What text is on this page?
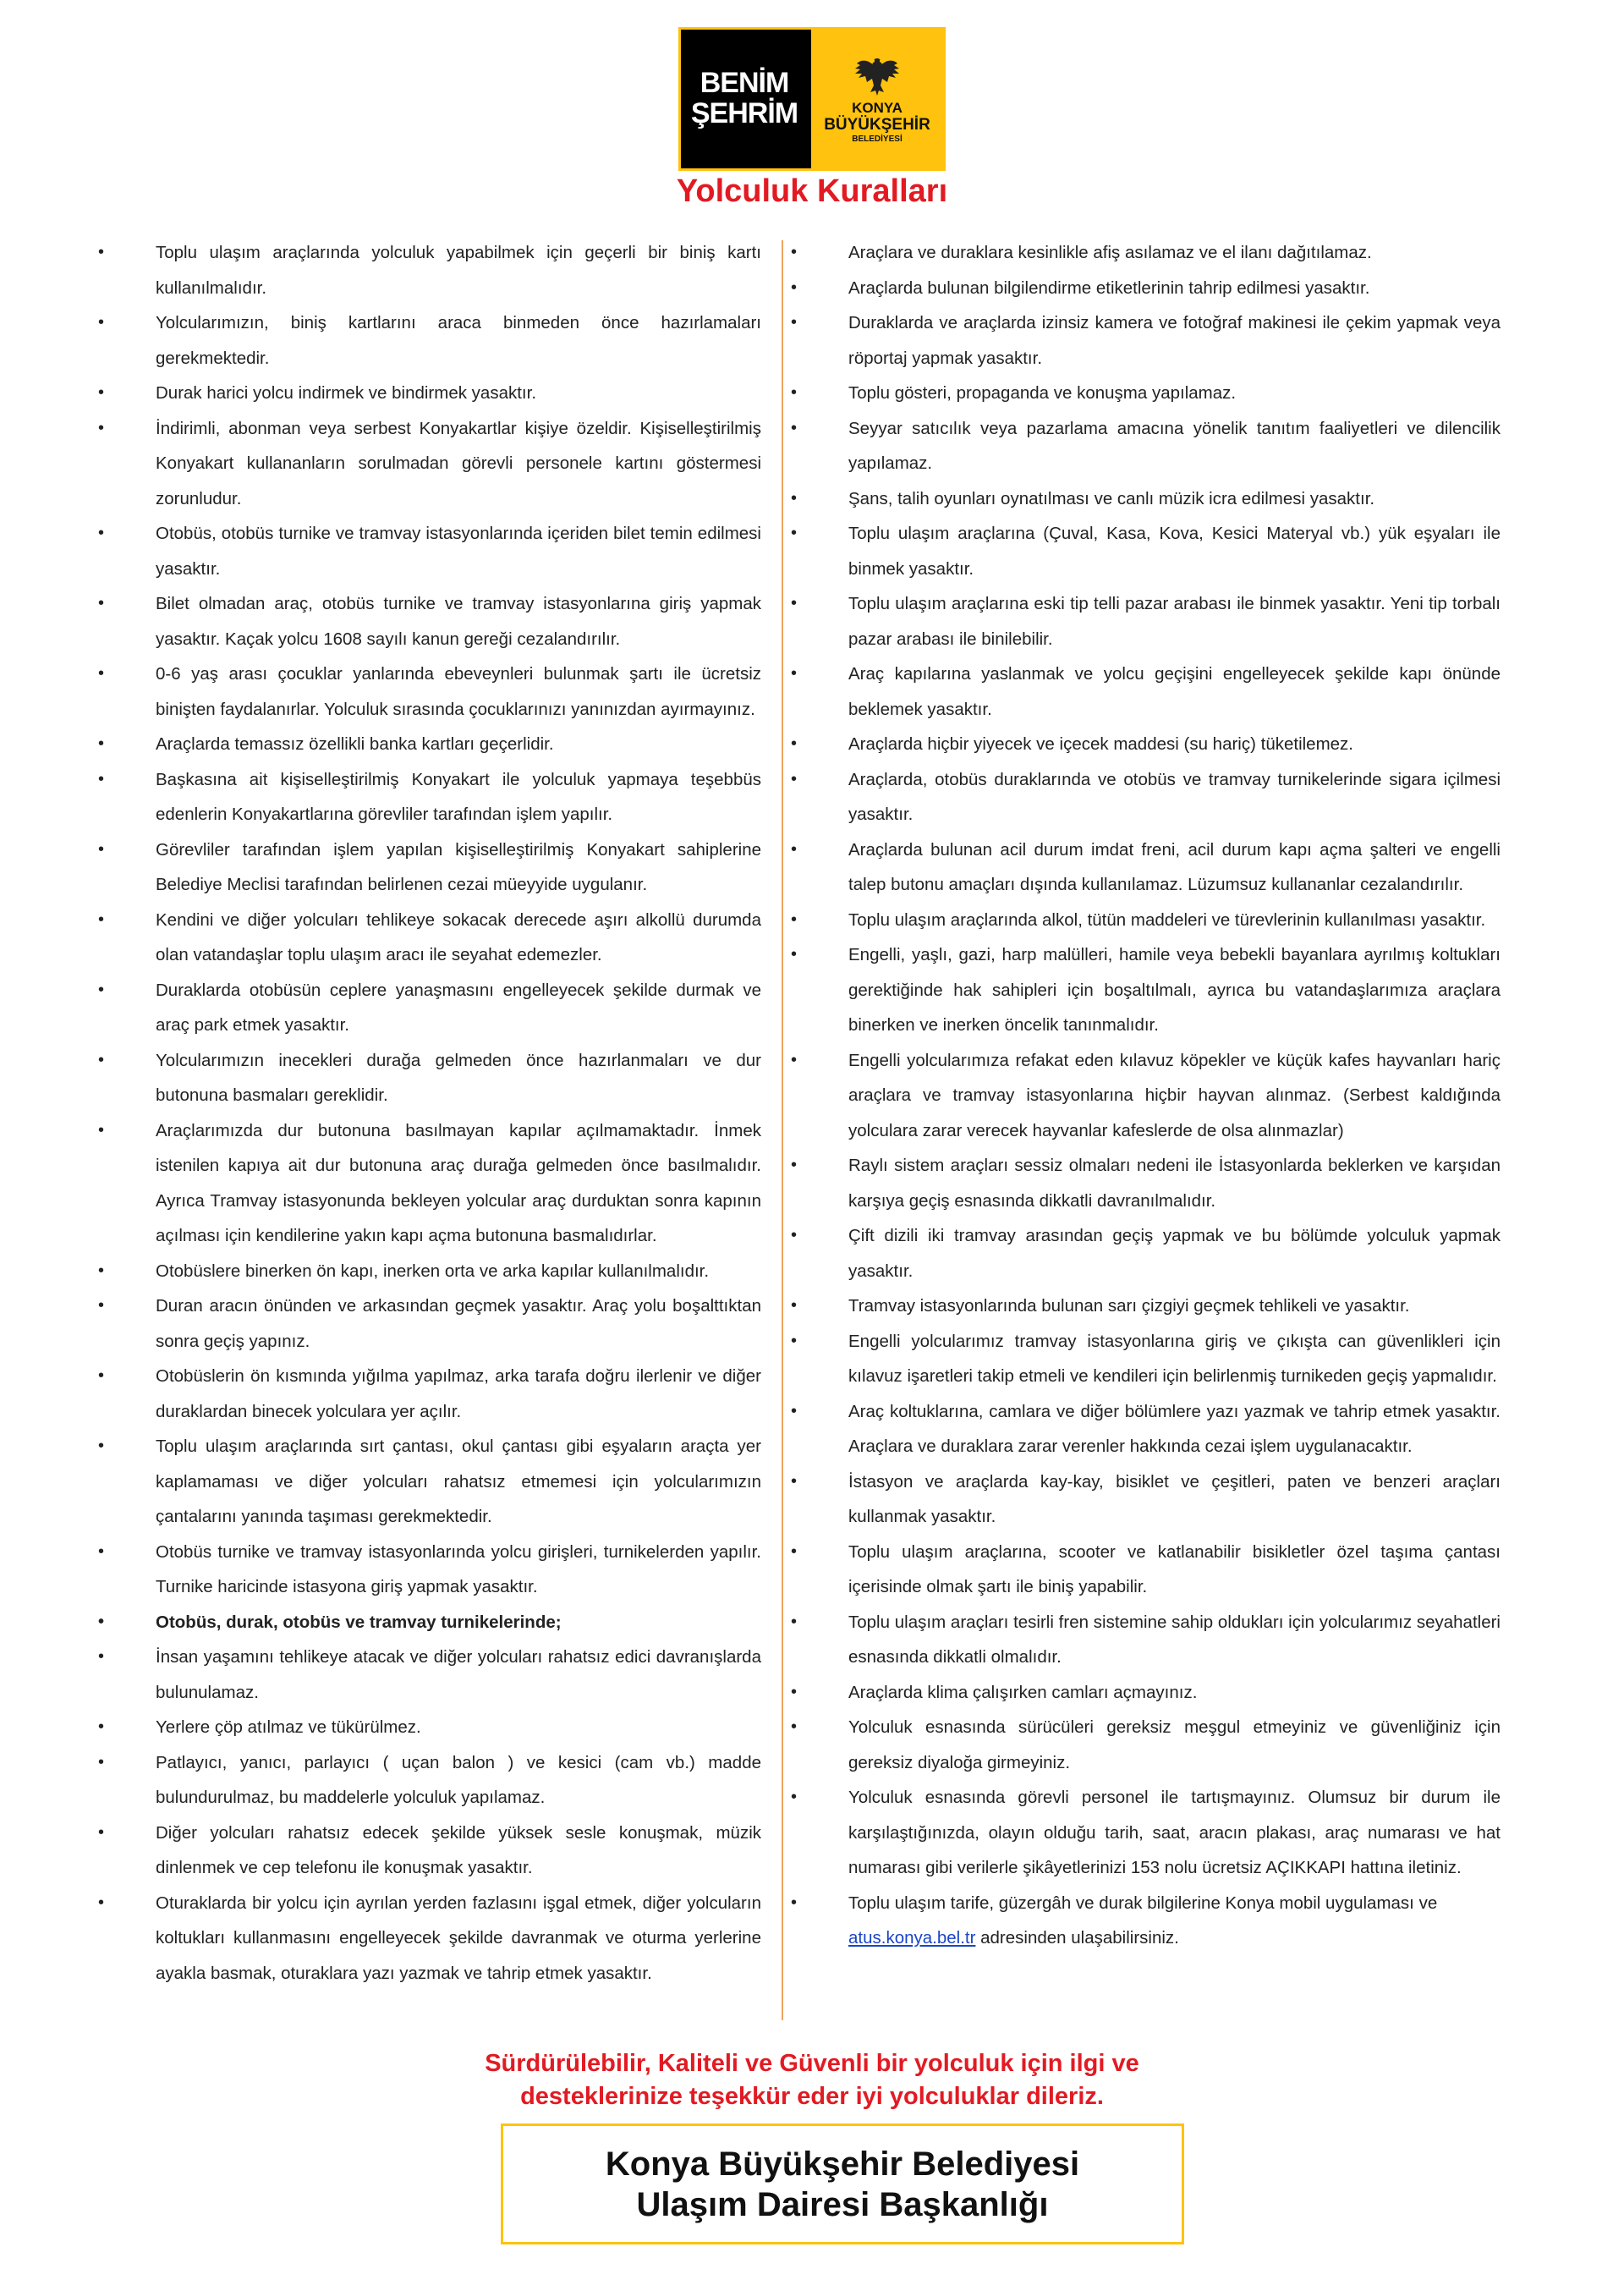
BENİM
ŞEHRİM	KONYA
BÜYÜKŞEHİR
BELEDİYESİ
Yolculuk Kuralları
• Toplu ulaşım araçlarında yolculuk yapabilmek için geçerli bir biniş kartı kullanılmalıdır.
• Yolcularımızın, biniş kartlarını araca binmeden önce hazırlamaları gerekmektedir.
• Durak harici yolcu indirmek ve bindirmek yasaktır.
• İndirimli, abonman veya serbest Konyakartlar kişiye özeldir. Kişiselleştirilmiş Konyakart kullananların sorulmadan görevli personele kartını göstermesi zorunludur.
• Otobüs, otobüs turnike ve tramvay istasyonlarında içeriden bilet temin edilmesi yasaktır.
• Bilet olmadan araç, otobüs turnike ve tramvay istasyonlarına giriş yapmak yasaktır. Kaçak yolcu 1608 sayılı kanun gereği cezalandırılır.
• 0-6 yaş arası çocuklar yanlarında ebeveynleri bulunmak şartı ile ücretsiz binişten faydalanırlar. Yolculuk sırasında çocuklarınızı yanınızdan ayırmayınız.
• Araçlarda temassız özellikli banka kartları geçerlidir.
• Başkasına ait kişiselleştirilmiş Konyakart ile yolculuk yapmaya teşebbüs edenlerin Konyakartlarına görevliler tarafından işlem yapılır.
• Görevliler tarafından işlem yapılan kişiselleştirilmiş Konyakart sahiplerine Belediye Meclisi tarafından belirlenen cezai müeyyide uygulanır.
• Kendini ve diğer yolcuları tehlikeye sokacak derecede aşırı alkollü durumda olan vatandaşlar toplu ulaşım aracı ile seyahat edemezler.
• Duraklarda otobüsün ceplere yanaşmasını engelleyecek şekilde durmak ve araç park etmek yasaktır.
• Yolcularımızın inecekleri durağa gelmeden önce hazırlanmaları ve dur butonuna basmaları gereklidir.
• Araçlarımızda dur butonuna basılmayan kapılar açılmamaktadır. İnmek istenilen kapıya ait dur butonuna araç durağa gelmeden önce basılmalıdır. Ayrıca Tramvay istasyonunda bekleyen yolcular araç durduktan sonra kapının açılması için kendilerine yakın kapı açma butonuna basmalıdırlar.
• Otobüslere binerken ön kapı, inerken orta ve arka kapılar kullanılmalıdır.
• Duran aracın önünden ve arkasından geçmek yasaktır. Araç yolu boşalttıktan sonra geçiş yapınız.
• Otobüslerin ön kısmında yığılma yapılmaz, arka tarafa doğru ilerlenir ve diğer duraklardan binecek yolculara yer açılır.
• Toplu ulaşım araçlarında sırt çantası, okul çantası gibi eşyaların araçta yer kaplamaması ve diğer yolcuları rahatsız etmemesi için yolcularımızın çantalarını yanında taşıması gerekmektedir.
• Otobüs turnike ve tramvay istasyonlarında yolcu girişleri, turnikelerden yapılır. Turnike haricinde istasyona giriş yapmak yasaktır.
• Otobüs, durak, otobüs ve tramvay turnikelerinde;
• İnsan yaşamını tehlikeye atacak ve diğer yolcuları rahatsız edici davranışlarda bulunulamaz.
• Yerlere çöp atılmaz ve tükürülmez.
• Patlayıcı, yanıcı, parlayıcı ( uçan balon ) ve kesici (cam vb.) madde bulundurulmaz, bu maddelerle yolculuk yapılamaz.
• Diğer yolcuları rahatsız edecek şekilde yüksek sesle konuşmak, müzik dinlenmek ve cep telefonu ile konuşmak yasaktır.
• Oturaklarda bir yolcu için ayrılan yerden fazlasını işgal etmek, diğer yolcuların koltukları kullanmasını engelleyecek şekilde davranmak ve oturma yerlerine ayakla basmak, oturaklara yazı yazmak ve tahrip etmek yasaktır.
• Araçlara ve duraklara kesinlikle afiş asılamaz ve el ilanı dağıtılamaz.
• Araçlarda bulunan bilgilendirme etiketlerinin tahrip edilmesi yasaktır.
• Duraklarda ve araçlarda izinsiz kamera ve fotoğraf makinesi ile çekim yapmak veya röportaj yapmak yasaktır.
• Toplu gösteri, propaganda ve konuşma yapılamaz.
• Seyyar satıcılık veya pazarlama amacına yönelik tanıtım faaliyetleri ve dilencilik yapılamaz.
• Şans, talih oyunları oynatılması ve canlı müzik icra edilmesi yasaktır.
• Toplu ulaşım araçlarına (Çuval, Kasa, Kova, Kesici Materyal vb.) yük eşyaları ile binmek yasaktır.
• Toplu ulaşım araçlarına eski tip telli pazar arabası ile binmek yasaktır. Yeni tip torbalı pazar arabası ile binilebilir.
• Araç kapılarına yaslanmak ve yolcu geçişini engelleyecek şekilde kapı önünde beklemek yasaktır.
• Araçlarda hiçbir yiyecek ve içecek maddesi (su hariç) tüketilemez.
• Araçlarda, otobüs duraklarında ve otobüs ve tramvay turnikelerinde sigara içilmesi yasaktır.
• Araçlarda bulunan acil durum imdat freni, acil durum kapı açma şalteri ve engelli talep butonu amaçları dışında kullanılamaz. Lüzumsuz kullananlar cezalandırılır.
• Toplu ulaşım araçlarında alkol, tütün maddeleri ve türevlerinin kullanılması yasaktır.
• Engelli, yaşlı, gazi, harp malülleri, hamile veya bebekli bayanlara ayrılmış koltukları gerektiğinde hak sahipleri için boşaltılmalı, ayrıca bu vatandaşlarımıza araçlara binerken ve inerken öncelik tanınmalıdır.
• Engelli yolcularımıza refakat eden kılavuz köpekler ve küçük kafes hayvanları hariç araçlara ve tramvay istasyonlarına hiçbir hayvan alınmaz. (Serbest kaldığında yolculara zarar verecek hayvanlar kafeslerde de olsa alınmazlar)
• Raylı sistem araçları sessiz olmaları nedeni ile İstasyonlarda beklerken ve karşıdan karşıya geçiş esnasında dikkatli davranılmalıdır.
• Çift dizili iki tramvay arasından geçiş yapmak ve bu bölümde yolculuk yapmak yasaktır.
• Tramvay istasyonlarında bulunan sarı çizgiyi geçmek tehlikeli ve yasaktır.
• Engelli yolcularımız tramvay istasyonlarına giriş ve çıkışta can güvenlikleri için kılavuz işaretleri takip etmeli ve kendileri için belirlenmiş turnikeden geçiş yapmalıdır.
• Araç koltuklarına, camlara ve diğer bölümlere yazı yazmak ve tahrip etmek yasaktır. Araçlara ve duraklara zarar verenler hakkında cezai işlem uygulanacaktır.
• İstasyon ve araçlarda kay-kay, bisiklet ve çeşitleri, paten ve benzeri araçları kullanmak yasaktır.
• Toplu ulaşım araçlarına, scooter ve katlanabilir bisikletler özel taşıma çantası içerisinde olmak şartı ile biniş yapabilir.
• Toplu ulaşım araçları tesirli fren sistemine sahip oldukları için yolcularımız seyahatleri esnasında dikkatli olmalıdır.
• Araçlarda klima çalışırken camları açmayınız.
• Yolculuk esnasında sürücüleri gereksiz meşgul etmeyiniz ve güvenliğiniz için gereksiz diyaloğa girmeyiniz.
• Yolculuk esnasında görevli personel ile tartışmayınız. Olumsuz bir durum ile karşılaştığınızda, olayın olduğu tarih, saat, aracın plakası, araç numarası ve hat numarası gibi verilerle şikâyetlerinizi 153 nolu ücretsiz AÇIKKAPI hattına iletiniz.
• Toplu ulaşım tarife, güzergâh ve durak bilgilerine Konya mobil uygulaması ve
atus.konya.bel.tr adresinden ulaşabilirsiniz.
Sürdürülebilir, Kaliteli ve Güvenli bir yolculuk için ilgi ve
desteklerinize teşekkür eder iyi yolculuklar dileriz.
Konya Büyükşehir Belediyesi
Ulaşım Dairesi Başkanlığı
